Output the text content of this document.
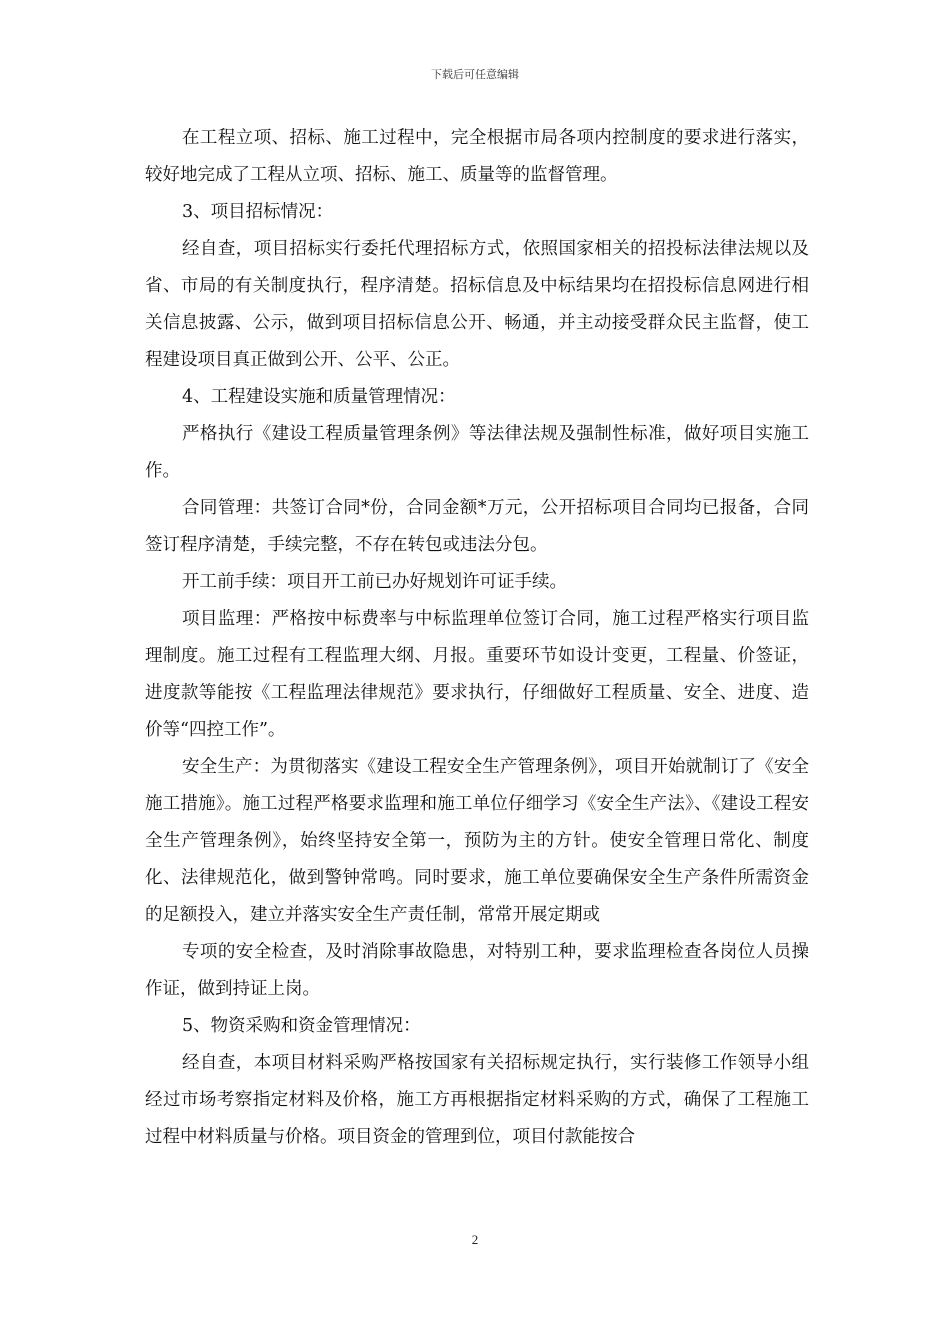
下载后可任意编辑

在工程立项、招标、施工过程中，完全根据市局各项内控制度的要求进行落实，较好地完成了工程从立项、招标、施工、质量等的监督管理。

3、项目招标情况：

经自查，项目招标实行委托代理招标方式，依照国家相关的招投标法律法规以及省、市局的有关制度执行，程序清楚。招标信息及中标结果均在招投标信息网进行相关信息披露、公示，做到项目招标信息公开、畅通，并主动接受群众民主监督，使工程建设项目真正做到公开、公平、公正。

4、工程建设实施和质量管理情况：

严格执行《建设工程质量管理条例》等法律法规及强制性标准，做好项目实施工作。

合同管理：共签订合同*份，合同金额*万元，公开招标项目合同均已报备，合同签订程序清楚，手续完整，不存在转包或违法分包。

开工前手续：项目开工前已办好规划许可证手续。

项目监理：严格按中标费率与中标监理单位签订合同，施工过程严格实行项目监理制度。施工过程有工程监理大纲、月报。重要环节如设计变更，工程量、价签证，进度款等能按《工程监理法律规范》要求执行，仔细做好工程质量、安全、进度、造价等“四控工作”。

安全生产：为贯彻落实《建设工程安全生产管理条例》，项目开始就制订了《安全施工措施》。施工过程严格要求监理和施工单位仔细学习《安全生产法》、《建设工程安全生产管理条例》，始终坚持安全第一，预防为主的方针。使安全管理日常化、制度化、法律规范化，做到警钟常鸣。同时要求，施工单位要确保安全生产条件所需资金的足额投入，建立并落实安全生产责任制，常常开展定期或

专项的安全检查，及时消除事故隐患，对特别工种，要求监理检查各岗位人员操作证，做到持证上岗。

5、物资采购和资金管理情况：

经自查，本项目材料采购严格按国家有关招标规定执行，实行装修工作领导小组经过市场考察指定材料及价格，施工方再根据指定材料采购的方式，确保了工程施工过程中材料质量与价格。项目资金的管理到位，项目付款能按合

2
